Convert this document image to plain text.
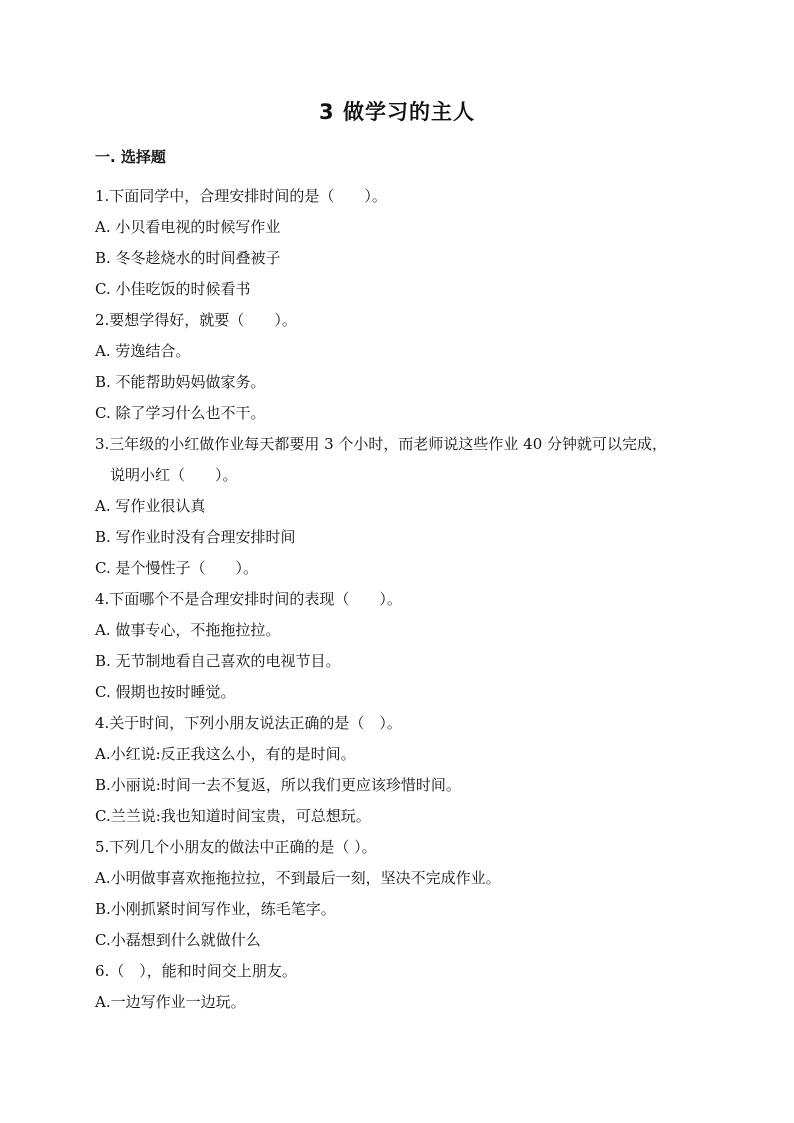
3 做学习的主人
一. 选择题
1.下面同学中，合理安排时间的是（　　）。
A. 小贝看电视的时候写作业
B. 冬冬趁烧水的时间叠被子
C. 小佳吃饭的时候看书
2.要想学得好，就要（　　）。
A. 劳逸结合。
B. 不能帮助妈妈做家务。
C. 除了学习什么也不干。
3.三年级的小红做作业每天都要用 3 个小时，而老师说这些作业 40 分钟就可以完成，
说明小红（　　）。
A. 写作业很认真
B. 写作业时没有合理安排时间
C. 是个慢性子（　　）。
4.下面哪个不是合理安排时间的表现（　　）。
A. 做事专心，不拖拖拉拉。
B. 无节制地看自己喜欢的电视节目。
C. 假期也按时睡觉。
4.关于时间，下列小朋友说法正确的是（　）。
A.小红说:反正我这么小，有的是时间。
B.小丽说:时间一去不复返，所以我们更应该珍惜时间。
C.兰兰说:我也知道时间宝贵，可总想玩。
5.下列几个小朋友的做法中正确的是（ ）。
A.小明做事喜欢拖拖拉拉，不到最后一刻，坚决不完成作业。
B.小刚抓紧时间写作业，练毛笔字。
C.小磊想到什么就做什么
6.（　），能和时间交上朋友。
A.一边写作业一边玩。
